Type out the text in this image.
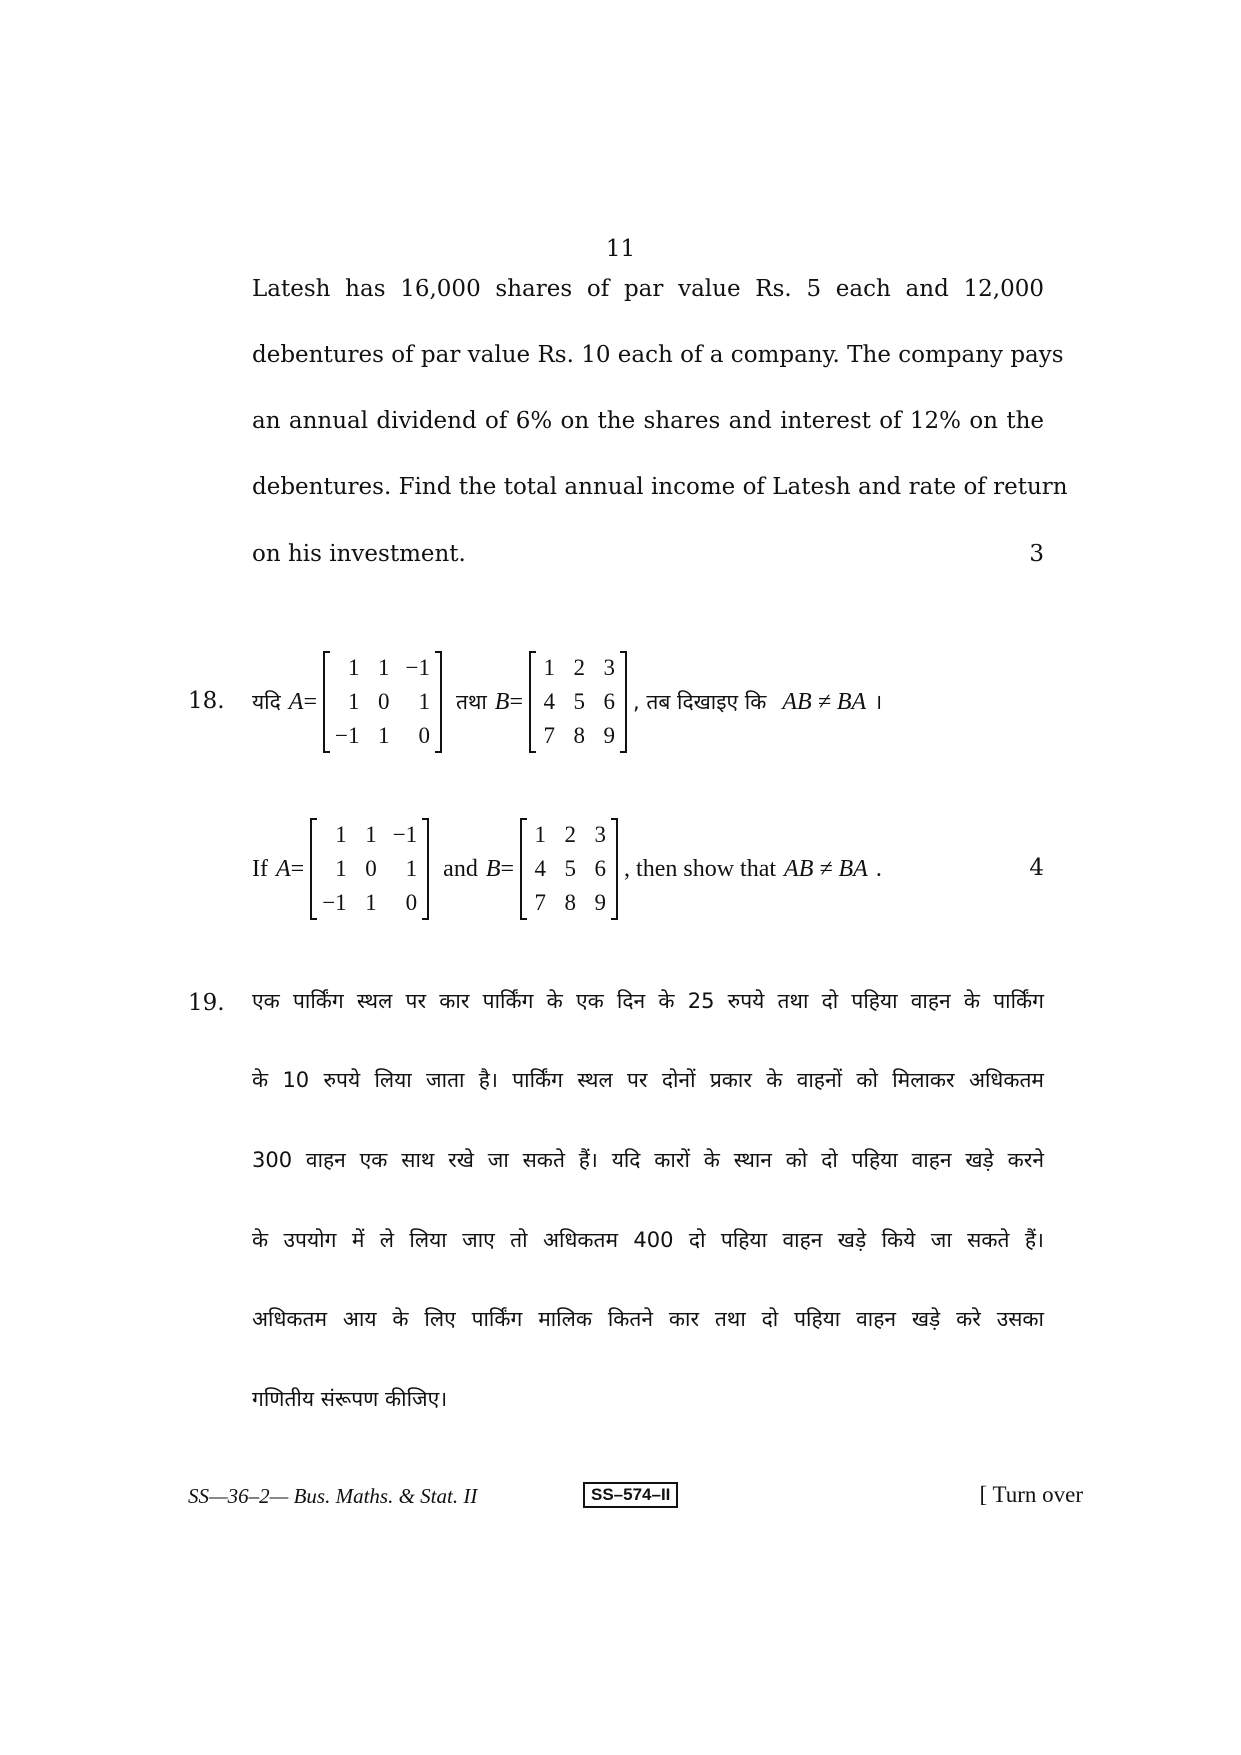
11
Latesh has 16,000 shares of par value Rs. 5 each and 12,000
debentures of par value Rs. 10 each of a company. The company pays
an annual dividend of 6% on the shares and interest of 12% on the
debentures. Find the total annual income of Latesh and rate of return
on his investment.	3
18. यदि A =
1 1 −1
1 0	1
−1 1	0
तथा B =
1 2 3
4 5 6
7 8 9
, तब दिखाइए कि AB ≠ BA ।
If A =
1 1 −1
1 0	1
−1 1	0
and B =
1 2 3
4 5 6
7 8 9
, then show that AB ≠ BA .	4
19. एक पार्किंग स्थल पर कार पार्किंग के एक दिन के 25 रुपये तथा दो पहिया वाहन के पार्किंग
के 10 रुपये लिया जाता है। पार्किंग स्थल पर दोनों प्रकार के वाहनों को मिलाकर अधिकतम
300 वाहन एक साथ रखे जा सकते हैं। यदि कारों के स्थान को दो पहिया वाहन खड़े करने
के उपयोग में ले लिया जाए तो अधिकतम 400 दो पहिया वाहन खड़े किये जा सकते हैं।
अधिकतम आय के लिए पार्किंग मालिक कितने कार तथा दो पहिया वाहन खड़े करे उसका
गणितीय संरूपण कीजिए।
SS—36–2— Bus. Maths. & Stat. II	SS–574–II	[ Turn over
